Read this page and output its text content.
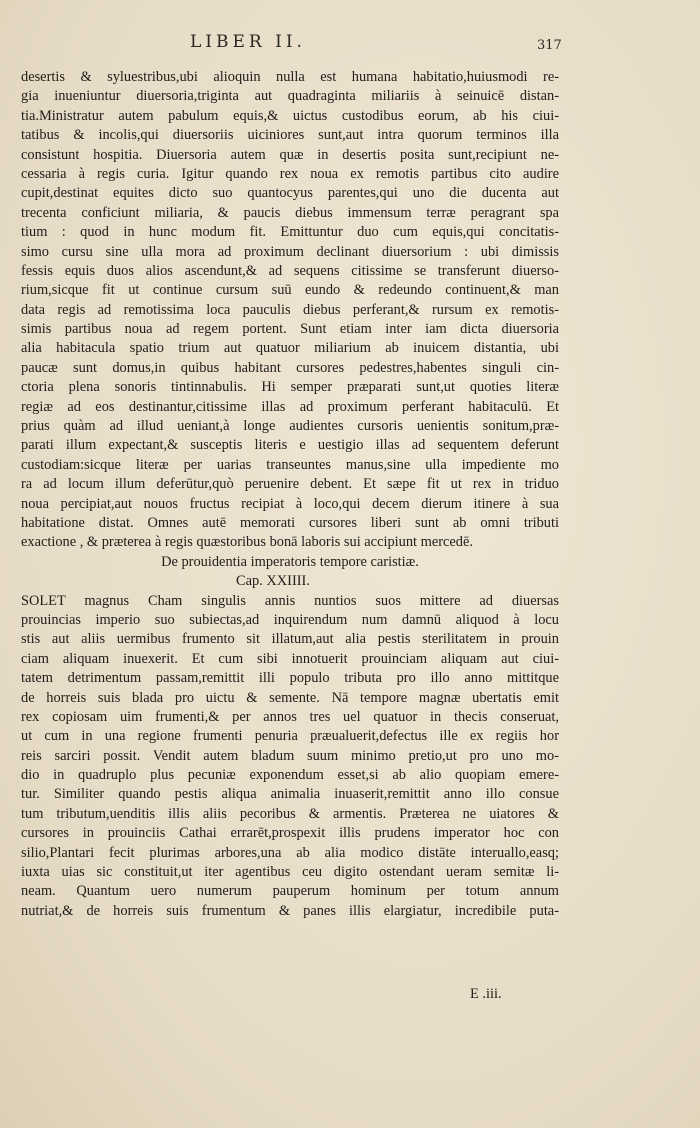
LIBER II.	317
desertis & syluestribus,ubi alioquin nulla est humana habitatio,huiusmodi re-
gia inueniuntur diuersoria,triginta aut quadraginta miliariis à seinuicē distan-
tia.Ministratur autem pabulum equis,& uictus custodibus eorum, ab his ciui-
tatibus & incolis,qui diuersoriis uiciniores sunt,aut intra quorum terminos illa
consistunt hospitia. Diuersoria autem quæ in desertis posita sunt,recipiunt ne-
cessaria à regis curia. Igitur quando rex noua ex remotis partibus cito audire
cupit,destinat equites dicto suo quantocyus parentes,qui uno die ducenta aut
trecenta conficiunt miliaria, & paucis diebus immensum terræ peragrant spa
tium : quod in hunc modum fit. Emittuntur duo cum equis,qui concitatis-
simo cursu sine ulla mora ad proximum declinant diuersorium : ubi dimissis
fessis equis duos alios ascendunt,& ad sequens citissime se transferunt diuerso-
rium,sicque fit ut continue cursum suū eundo & redeundo continuent,& man
data regis ad remotissima loca pauculis diebus perferant,& rursum ex remotis-
simis partibus noua ad regem portent. Sunt etiam inter iam dicta diuersoria
alia habitacula spatio trium aut quatuor miliarium ab inuicem distantia, ubi
paucæ sunt domus,in quibus habitant cursores pedestres,habentes singuli cin-
ctoria plena sonoris tintinnabulis. Hi semper præparati sunt,ut quoties literæ
regiæ ad eos destinantur,citissime illas ad proximum perferant habitaculū. Et
prius quàm ad illud ueniant,à longe audientes cursoris uenientis sonitum,præ-
parati illum expectant,& susceptis literis e uestigio illas ad sequentem deferunt
custodiam:sicque literæ per uarias transeuntes manus,sine ulla impediente mo
ra ad locum illum deferūtur,quò peruenire debent. Et sæpe fit ut rex in triduo
noua percipiat,aut nouos fructus recipiat à loco,qui decem dierum itinere à sua
habitatione distat. Omnes autē memorati cursores liberi sunt ab omni tributi
exactione , & præterea à regis quæstoribus bonā laboris sui accipiunt mercedē.
De prouidentia imperatoris tempore caristiæ.
Cap. XXIIII.
SOLET magnus Cham singulis annis nuntios suos mittere ad diuersas
prouincias imperio suo subiectas,ad inquirendum num damnū aliquod à locu
stis aut aliis uermibus frumento sit illatum,aut alia pestis sterilitatem in prouin
ciam aliquam inuexerit. Et cum sibi innotuerit prouinciam aliquam aut ciui-
tatem detrimentum passam,remittit illi populo tributa pro illo anno mittitque
de horreis suis blada pro uictu & semente. Nā tempore magnæ ubertatis emit
rex copiosam uim frumenti,& per annos tres uel quatuor in thecis conseruat,
ut cum in una regione frumenti penuria præualuerit,defectus ille ex regiis hor
reis sarciri possit. Vendit autem bladum suum minimo pretio,ut pro uno mo-
dio in quadruplo plus pecuniæ exponendum esset,si ab alio quopiam emere-
tur. Similiter quando pestis aliqua animalia inuaserit,remittit anno illo consue
tum tributum,uenditis illis aliis pecoribus & armentis. Præterea ne uiatores &
cursores in prouinciis Cathai errarēt,prospexit illis prudens imperator hoc con
silio,Plantari fecit plurimas arbores,una ab alia modico distāte interuallo,easq;
iuxta uias sic constituit,ut iter agentibus ceu digito ostendant ueram semitæ li-
neam. Quantum uero numerum pauperum hominum per totum annum
nutriat,& de horreis suis frumentum & panes illis elargiatur, incredibile puta-
E .iii.
